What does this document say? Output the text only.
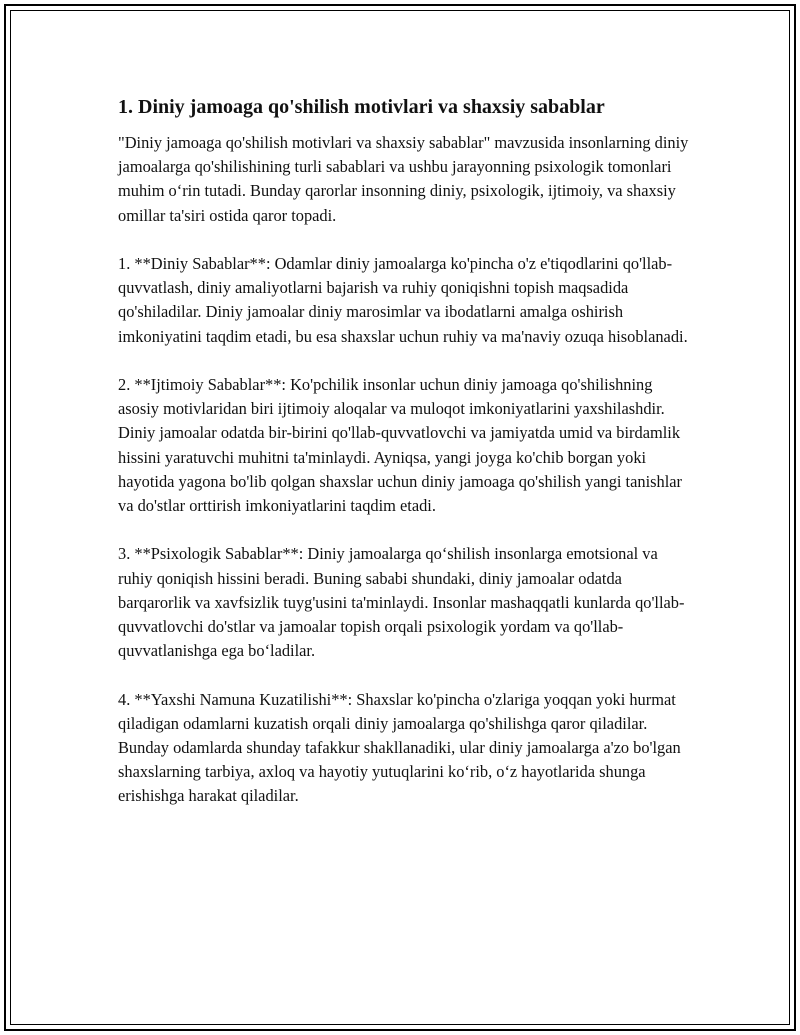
1. Diniy jamoaga qo'shilish motivlari va shaxsiy sabablar

"Diniy jamoaga qo'shilish motivlari va shaxsiy sabablar" mavzusida insonlarning diniy jamoalarga qo'shilishining turli sabablari va ushbu jarayonning psixologik tomonlari muhim o‘rin tutadi. Bunday qarorlar insonning diniy, psixologik, ijtimoiy, va shaxsiy omillar ta'siri ostida qaror topadi.

1. **Diniy Sabablar**: Odamlar diniy jamoalarga ko'pincha o'z e'tiqodlarini qo'llab-quvvatlash, diniy amaliyotlarni bajarish va ruhiy qoniqishni topish maqsadida qo'shiladilar. Diniy jamoalar diniy marosimlar va ibodatlarni amalga oshirish imkoniyatini taqdim etadi, bu esa shaxslar uchun ruhiy va ma'naviy ozuqa hisoblanadi.

2. **Ijtimoiy Sabablar**: Ko'pchilik insonlar uchun diniy jamoaga qo'shilishning asosiy motivlaridan biri ijtimoiy aloqalar va muloqot imkoniyatlarini yaxshilashdir. Diniy jamoalar odatda bir-birini qo'llab-quvvatlovchi va jamiyatda umid va birdamlik hissini yaratuvchi muhitni ta'minlaydi. Ayniqsa, yangi joyga ko'chib borgan yoki hayotida yagona bo'lib qolgan shaxslar uchun diniy jamoaga qo'shilish yangi tanishlar va do'stlar orttirish imkoniyatlarini taqdim etadi.

3. **Psixologik Sabablar**: Diniy jamoalarga qo‘shilish insonlarga emotsional va ruhiy qoniqish hissini beradi. Buning sababi shundaki, diniy jamoalar odatda barqarorlik va xavfsizlik tuyg'usini ta'minlaydi. Insonlar mashaqqatli kunlarda qo'llab-quvvatlovchi do'stlar va jamoalar topish orqali psixologik yordam va qo'llab-quvvatlanishga ega bo‘ladilar.

4. **Yaxshi Namuna Kuzatilishi**: Shaxslar ko'pincha o'zlariga yoqqan yoki hurmat qiladigan odamlarni kuzatish orqali diniy jamoalarga qo'shilishga qaror qiladilar. Bunday odamlarda shunday tafakkur shakllanadiki, ular diniy jamoalarga a'zo bo'lgan shaxslarning tarbiya, axloq va hayotiy yutuqlarini ko‘rib, o‘z hayotlarida shunga erishishga harakat qiladilar.
